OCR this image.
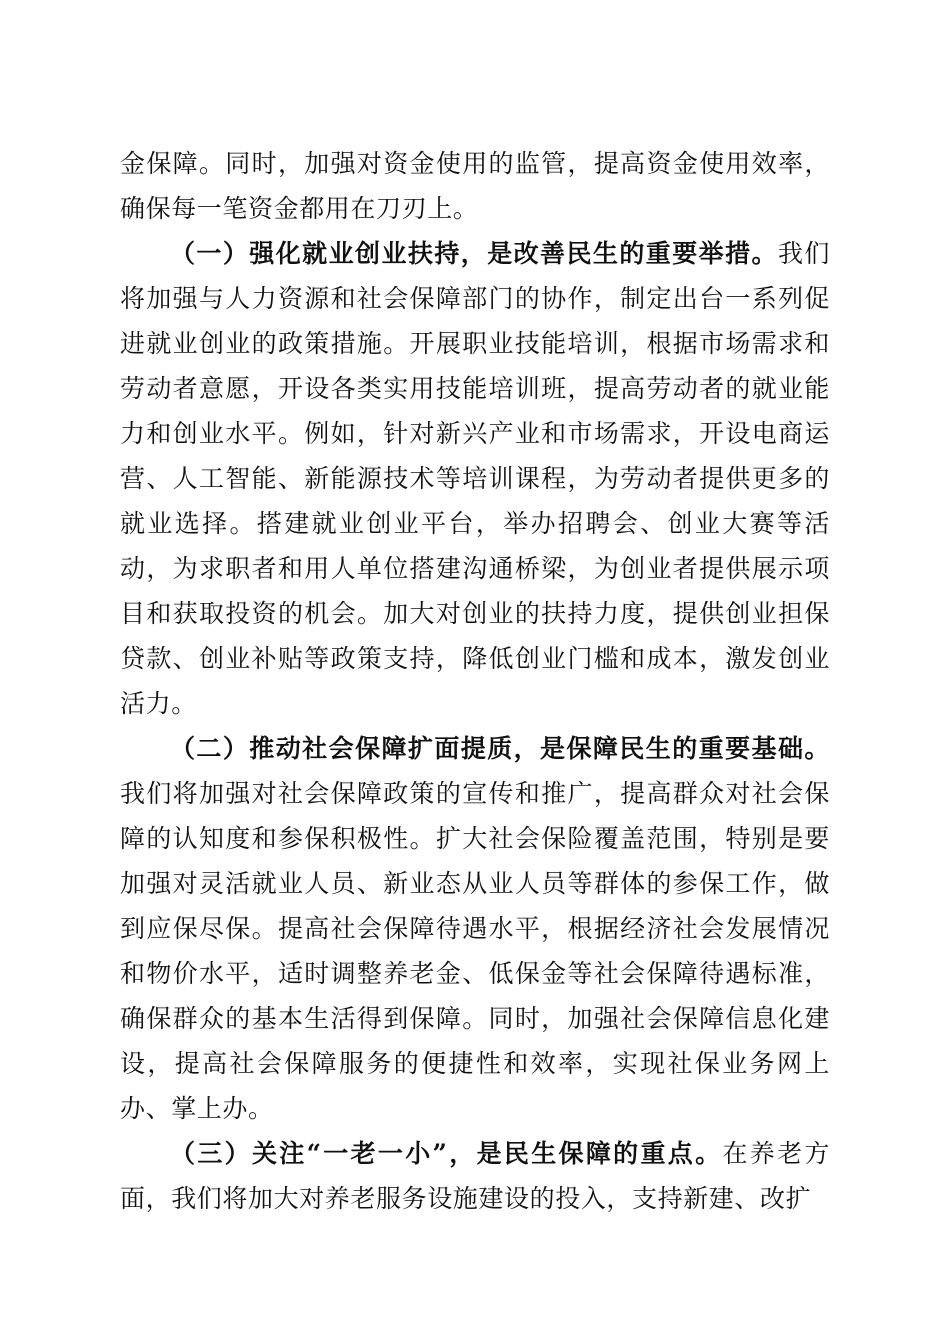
金保障。同时，加强对资金使用的监管，提高资金使用效率，确保每一笔资金都用在刀刃上。

（一）强化就业创业扶持，是改善民生的重要举措。我们将加强与人力资源和社会保障部门的协作，制定出台一系列促进就业创业的政策措施。开展职业技能培训，根据市场需求和劳动者意愿，开设各类实用技能培训班，提高劳动者的就业能力和创业水平。例如，针对新兴产业和市场需求，开设电商运营、人工智能、新能源技术等培训课程，为劳动者提供更多的就业选择。搭建就业创业平台，举办招聘会、创业大赛等活动，为求职者和用人单位搭建沟通桥梁，为创业者提供展示项目和获取投资的机会。加大对创业的扶持力度，提供创业担保贷款、创业补贴等政策支持，降低创业门槛和成本，激发创业活力。

（二）推动社会保障扩面提质，是保障民生的重要基础。我们将加强对社会保障政策的宣传和推广，提高群众对社会保障的认知度和参保积极性。扩大社会保险覆盖范围，特别是要加强对灵活就业人员、新业态从业人员等群体的参保工作，做到应保尽保。提高社会保障待遇水平，根据经济社会发展情况和物价水平，适时调整养老金、低保金等社会保障待遇标准，确保群众的基本生活得到保障。同时，加强社会保障信息化建设，提高社会保障服务的便捷性和效率，实现社保业务网上办、掌上办。

（三）关注“一老一小”，是民生保障的重点。在养老方面，我们将加大对养老服务设施建设的投入，支持新建、改扩
